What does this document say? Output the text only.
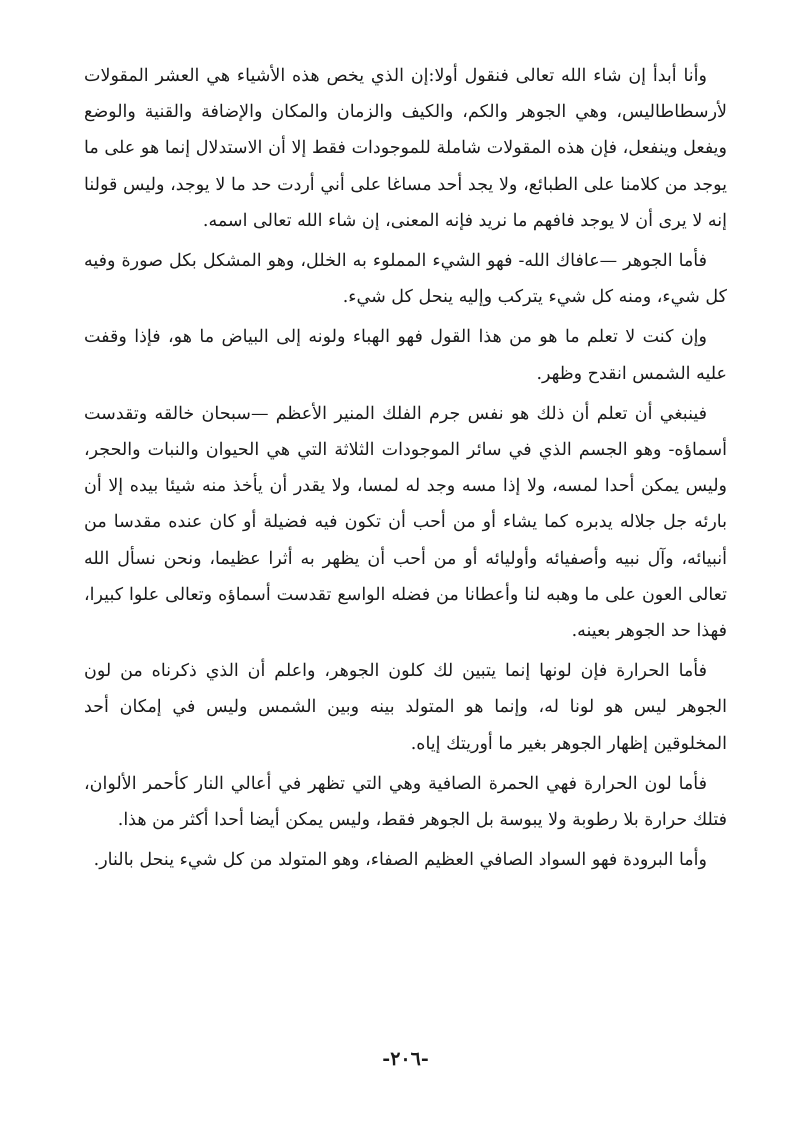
وأنا أبدأ إن شاء الله تعالى فنقول أولا:إن الذي يخص هذه الأشياء هي العشر المقولات لأرسطاطاليس، وهي الجوهر والكم، والكيف والزمان والمكان والإضافة والقنية والوضع ويفعل وينفعل، فإن هذه المقولات شاملة للموجودات فقط إلا أن الاستدلال إنما هو على ما يوجد من كلامنا على الطبائع، ولا يجد أحد مساغا على أني أردت حد ما لا يوجد، وليس قولنا إنه لا يرى أن لا يوجد فافهم ما نريد فإنه المعنى، إن شاء الله تعالى اسمه.

فأما الجوهر —عافاك الله- فهو الشيء المملوء به الخلل، وهو المشكل بكل صورة وفيه كل شيء، ومنه كل شيء يتركب وإليه ينحل كل شيء.

وإن كنت لا تعلم ما هو من هذا القول فهو الهباء ولونه إلى البياض ما هو، فإذا وقفت عليه الشمس انقدح وظهر.

فينبغي أن تعلم أن ذلك هو نفس جرم الفلك المنير الأعظم —سبحان خالقه وتقدست أسماؤه- وهو الجسم الذي في سائر الموجودات الثلاثة التي هي الحيوان والنبات والحجر، وليس يمكن أحدا لمسه، ولا إذا مسه وجد له لمسا، ولا يقدر أن يأخذ منه شيئا بيده إلا أن بارئه جل جلاله يدبره كما يشاء أو من أحب أن تكون فيه فضيلة أو كان عنده مقدسا من أنبيائه، وآل نبيه وأصفيائه وأوليائه أو من أحب أن يظهر به أثرا عظيما، ونحن نسأل الله تعالى العون على ما وهبه لنا وأعطانا من فضله الواسع تقدست أسماؤه وتعالى علوا كبيرا، فهذا حد الجوهر بعينه.

فأما الحرارة فإن لونها إنما يتبين لك كلون الجوهر، واعلم أن الذي ذكرناه من لون الجوهر ليس هو لونا له، وإنما هو المتولد بينه وبين الشمس وليس في إمكان أحد المخلوقين إظهار الجوهر بغير ما أوريتك إياه.

فأما لون الحرارة فهي الحمرة الصافية وهي التي تظهر في أعالي النار كأحمر الألوان، فتلك حرارة بلا رطوبة ولا يبوسة بل الجوهر فقط، وليس يمكن أيضا أحدا أكثر من هذا.

وأما البرودة فهو السواد الصافي العظيم الصفاء، وهو المتولد من كل شيء ينحل بالنار.

-٢٠٦-
